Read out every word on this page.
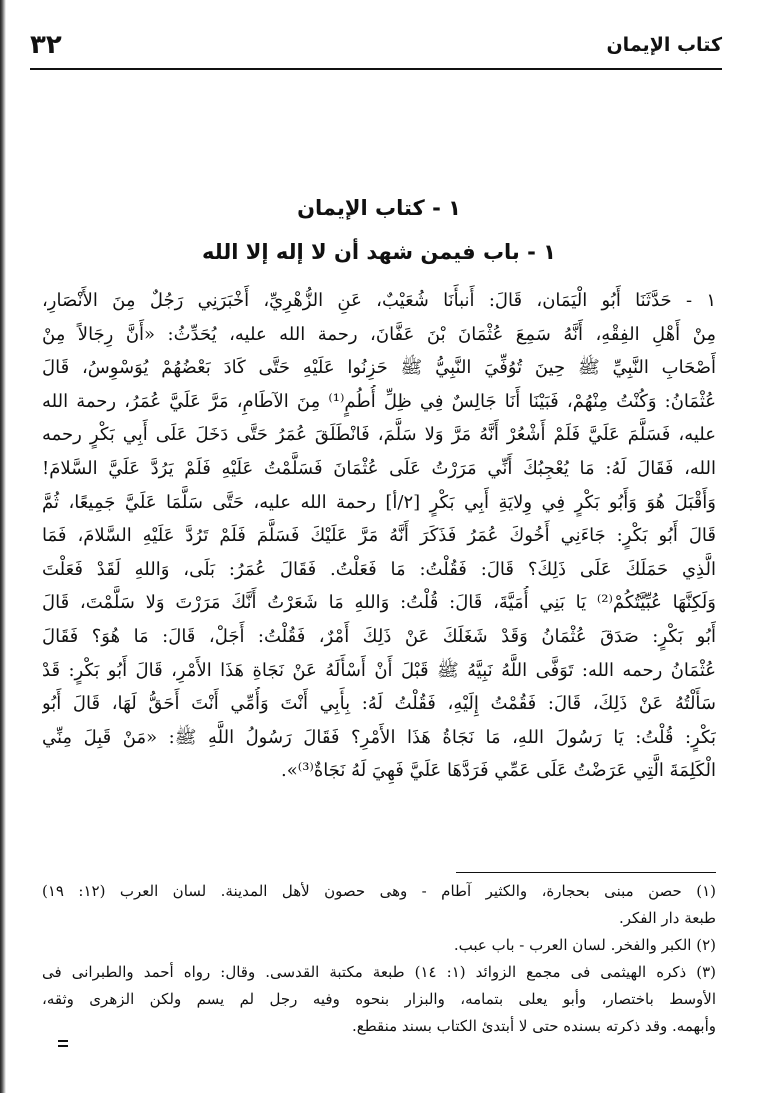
٣٢	كتاب الإيمان
١ - كتاب الإيمان
١ - باب فيمن شهد أن لا إله إلا الله
١ - حَدَّثَنَا أَبُو الْيَمَان، قَالَ: أَنبأَنَا شُعَيْبٌ، عَنِ الزُّهْرِيِّ، أَخْبَرَنِي رَجُلٌ مِنَ الأَنْصَارِ،
مِنْ أَهْلِ الفِقْهِ، أَنَّهُ سَمِعَ عُثْمَانَ بْنَ عَفَّانَ، رحمة الله عليه، يُحَدِّثُ: «أَنَّ رِجَالاً مِنْ
أَصْحَابِ النَّبِيِّ ﷺ حِينَ تُوُفِّيَ النَّبِيُّ ﷺ حَزِنُوا عَلَيْهِ حَتَّى كَادَ بَعْضُهُمْ يُوَسْوِسُ، قَالَ
عُثْمَانُ: وَكُنْتُ مِنْهُمْ، فَبَيْنَا أَنَا جَالِسٌ فِي ظِلِّ أُطُمٍ⁽¹⁾ مِنَ الآطَامِ، مَرَّ عَلَيَّ عُمَرُ، رحمة الله
عليه، فَسَلَّمَ عَلَيَّ فَلَمْ أَشْعُرْ أَنَّهُ مَرَّ وَلا سَلَّمَ، فَانْطَلَقَ عُمَرُ حَتَّى دَخَلَ عَلَى أَبِي بَكْرٍ رحمه
الله، فَقَالَ لَهُ: مَا يُعْجِبُكَ أَنِّي مَرَرْتُ عَلَى عُثْمَانَ فَسَلَّمْتُ عَلَيْهِ فَلَمْ يَرُدَّ عَلَيَّ السَّلامَ!
وَأَقْبَلَ هُوَ وَأَبُو بَكْرٍ فِي وِلايَةِ أَبِي بَكْرٍ [٢/أ] رحمة الله عليه، حَتَّى سَلَّمَا عَلَيَّ جَمِيعًا، ثُمَّ
قَالَ أَبُو بَكْرٍ: جَاءَنِي أَخُوكَ عُمَرُ فَذَكَرَ أَنَّهُ مَرَّ عَلَيْكَ فَسَلَّمَ فَلَمْ تَرُدَّ عَلَيْهِ السَّلامَ، فَمَا
الَّذِي حَمَلَكَ عَلَى ذَلِكَ؟ قَالَ: فَقُلْتُ: مَا فَعَلْتُ. فَقَالَ عُمَرُ: بَلَى، وَاللهِ لَقَدْ فَعَلْتَ
وَلَكِنَّهَا عُبِّيَّتُكُمْ⁽²⁾ يَا بَنِي أُمَيَّةَ، قَالَ: قُلْتُ: وَاللهِ مَا شَعَرْتُ أَنَّكَ مَرَرْتَ وَلا سَلَّمْتَ، قَالَ
أَبُو بَكْرٍ: صَدَقَ عُثْمَانُ وَقَدْ شَغَلَكَ عَنْ ذَلِكَ أَمْرٌ، فَقُلْتُ: أَجَلْ، قَالَ: مَا هُوَ؟ فَقَالَ
عُثْمَانُ رحمه الله: تَوَفَّى اللَّهُ نَبِيَّهُ ﷺ قَبْلَ أَنْ أَسْأَلَهُ عَنْ نَجَاةِ هَذَا الأَمْرِ، قَالَ أَبُو بَكْرٍ: قَدْ
سَأَلْتُهُ عَنْ ذَلِكَ، قَالَ: فَقُمْتُ إِلَيْهِ، فَقُلْتُ لَهُ: بِأَبِي أَنْتَ وَأُمِّي أَنْتَ أَحَقُّ لَهَا، قَالَ أَبُو
بَكْرٍ: قُلْتُ: يَا رَسُولَ اللهِ، مَا نَجَاةُ هَذَا الأَمْرِ؟ فَقَالَ رَسُولُ اللَّهِ ﷺ: «مَنْ قَبِلَ مِنِّي
الْكَلِمَةَ الَّتِي عَرَضْتُ عَلَى عَمِّي فَرَدَّهَا عَلَيَّ فَهِيَ لَهُ نَجَاةٌ⁽³⁾».
(١) حصن مبنى بحجارة، والكثير آطام - وهى حصون لأهل المدينة. لسان العرب (١٢: ١٩)
طبعة دار الفكر.
(٢) الكبر والفخر. لسان العرب - باب عبب.
(٣) ذكره الهيثمى فى مجمع الزوائد (١: ١٤) طبعة مكتبة القدسى. وقال: رواه أحمد والطبرانى فى
الأوسط باختصار، وأبو يعلى بتمامه، والبزار بنحوه وفيه رجل لم يسم ولكن الزهرى وثقه،
وأبهمه. وقد ذكرته بسنده حتى لا أبتدئ الكتاب بسند منقطع.
